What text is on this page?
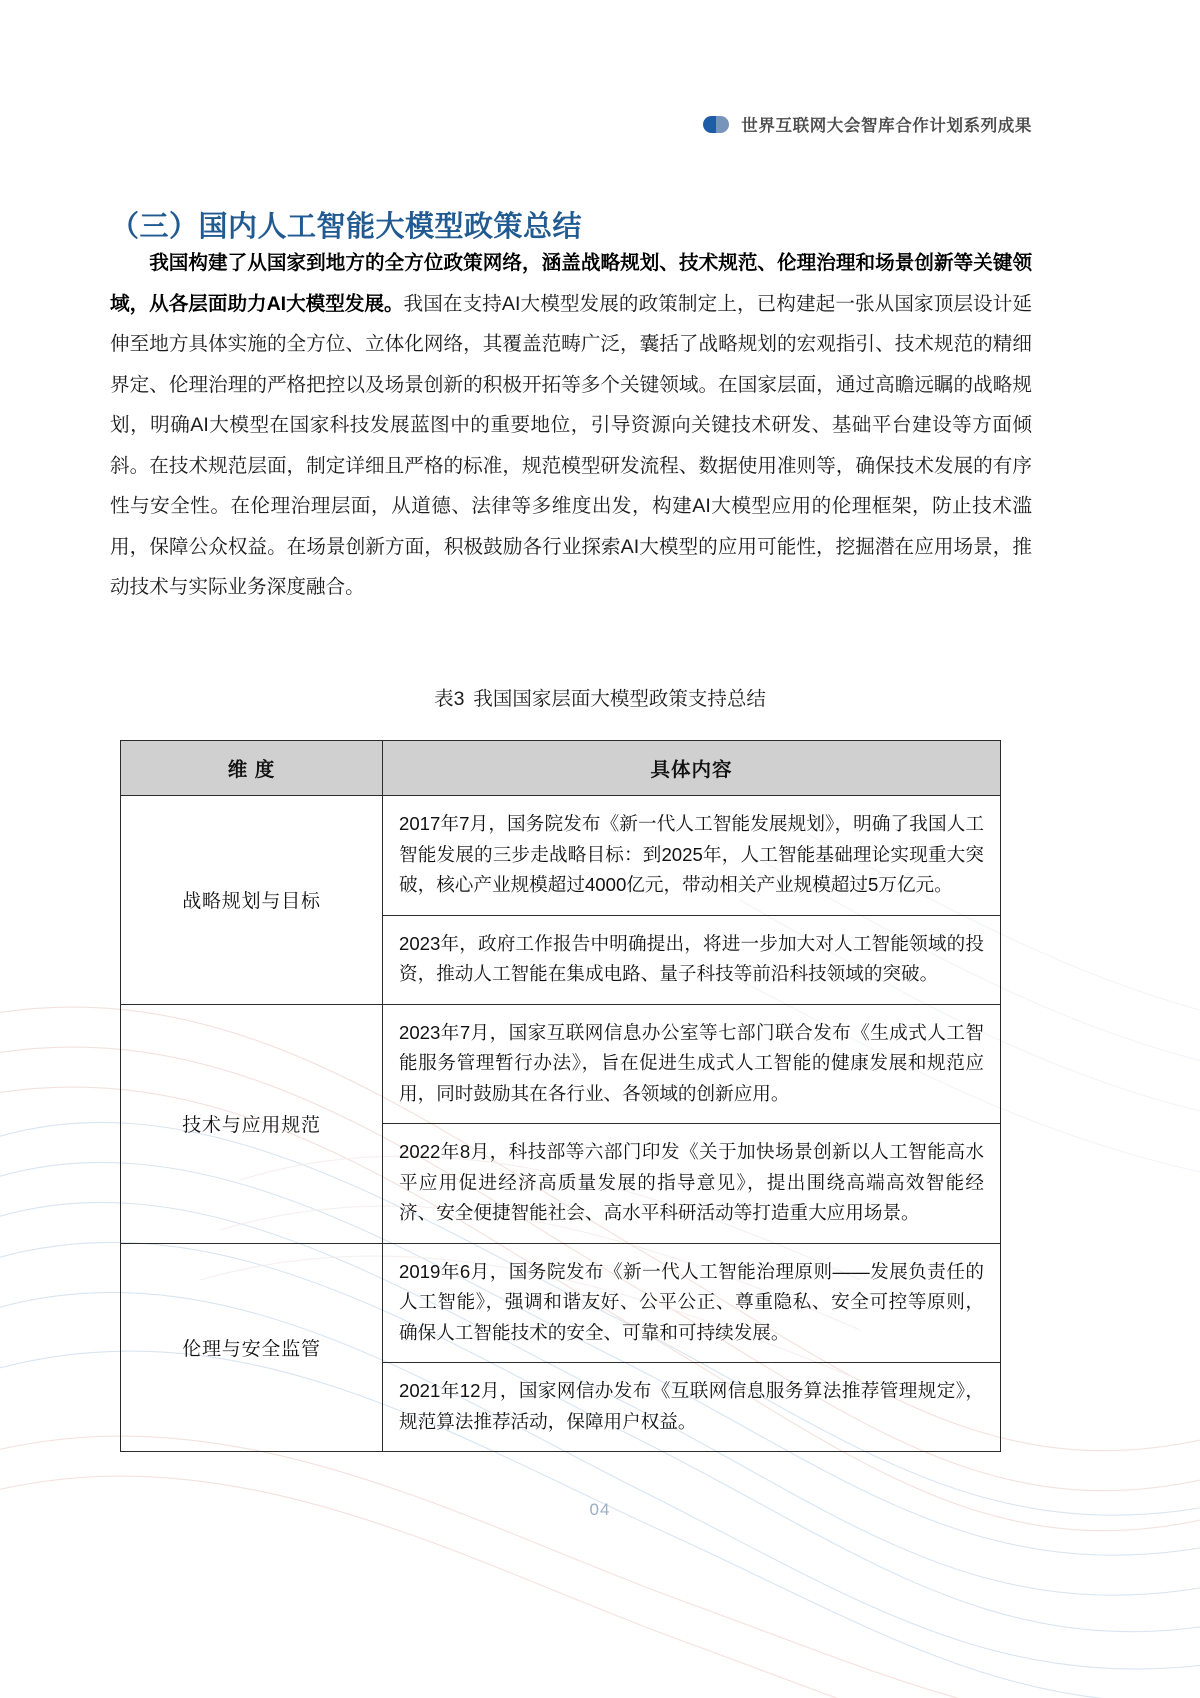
世界互联网大会智库合作计划系列成果
（三）国内人工智能大模型政策总结

我国构建了从国家到地方的全方位政策网络，涵盖战略规划、技术规范、伦理治理和场景创新等关键领域，从各层面助力AI大模型发展。我国在支持AI大模型发展的政策制定上，已构建起一张从国家顶层设计延伸至地方具体实施的全方位、立体化网络，其覆盖范畴广泛，囊括了战略规划的宏观指引、技术规范的精细界定、伦理治理的严格把控以及场景创新的积极开拓等多个关键领域。在国家层面，通过高瞻远瞩的战略规划，明确AI大模型在国家科技发展蓝图中的重要地位，引导资源向关键技术研发、基础平台建设等方面倾斜。在技术规范层面，制定详细且严格的标准，规范模型研发流程、数据使用准则等，确保技术发展的有序性与安全性。在伦理治理层面，从道德、法律等多维度出发，构建AI大模型应用的伦理框架，防止技术滥用，保障公众权益。在场景创新方面，积极鼓励各行业探索AI大模型的应用可能性，挖掘潜在应用场景，推动技术与实际业务深度融合。

表3 我国国家层面大模型政策支持总结
维 度	具体内容
战略规划与目标	2017年7月，国务院发布《新一代人工智能发展规划》，明确了我国人工智能发展的三步走战略目标：到2025年，人工智能基础理论实现重大突破，核心产业规模超过4000亿元，带动相关产业规模超过5万亿元。
	2023年，政府工作报告中明确提出，将进一步加大对人工智能领域的投资，推动人工智能在集成电路、量子科技等前沿科技领域的突破。
技术与应用规范	2023年7月，国家互联网信息办公室等七部门联合发布《生成式人工智能服务管理暂行办法》，旨在促进生成式人工智能的健康发展和规范应用，同时鼓励其在各行业、各领域的创新应用。
	2022年8月，科技部等六部门印发《关于加快场景创新以人工智能高水平应用促进经济高质量发展的指导意见》，提出围绕高端高效智能经济、安全便捷智能社会、高水平科研活动等打造重大应用场景。
伦理与安全监管	2019年6月，国务院发布《新一代人工智能治理原则——发展负责任的人工智能》，强调和谐友好、公平公正、尊重隐私、安全可控等原则，确保人工智能技术的安全、可靠和可持续发展。
	2021年12月，国家网信办发布《互联网信息服务算法推荐管理规定》，规范算法推荐活动，保障用户权益。
04
